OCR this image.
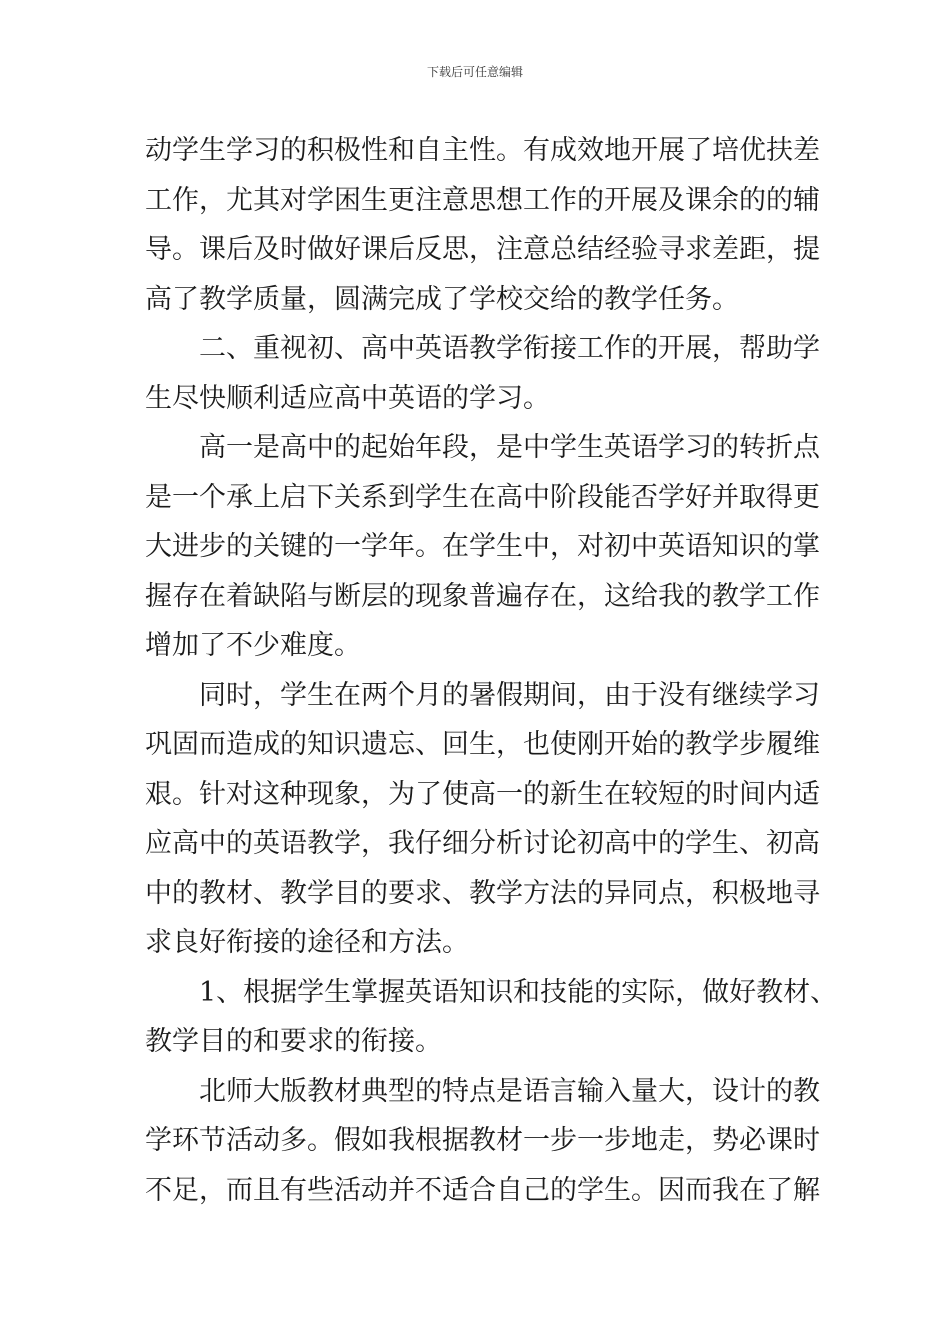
下载后可任意编辑
动学生学习的积极性和自主性。有成效地开展了培优扶差
工作，尤其对学困生更注意思想工作的开展及课余的的辅
导。课后及时做好课后反思，注意总结经验寻求差距，提
高了教学质量，圆满完成了学校交给的教学任务。
二、重视初、高中英语教学衔接工作的开展，帮助学
生尽快顺利适应高中英语的学习。
高一是高中的起始年段，是中学生英语学习的转折点
是一个承上启下关系到学生在高中阶段能否学好并取得更
大进步的关键的一学年。在学生中，对初中英语知识的掌
握存在着缺陷与断层的现象普遍存在，这给我的教学工作
增加了不少难度。
同时，学生在两个月的暑假期间，由于没有继续学习
巩固而造成的知识遗忘、回生，也使刚开始的教学步履维
艰。针对这种现象，为了使高一的新生在较短的时间内适
应高中的英语教学，我仔细分析讨论初高中的学生、初高
中的教材、教学目的要求、教学方法的异同点，积极地寻
求良好衔接的途径和方法。
1、根据学生掌握英语知识和技能的实际，做好教材、
教学目的和要求的衔接。
北师大版教材典型的特点是语言输入量大，设计的教
学环节活动多。假如我根据教材一步一步地走，势必课时
不足，而且有些活动并不适合自己的学生。因而我在了解
